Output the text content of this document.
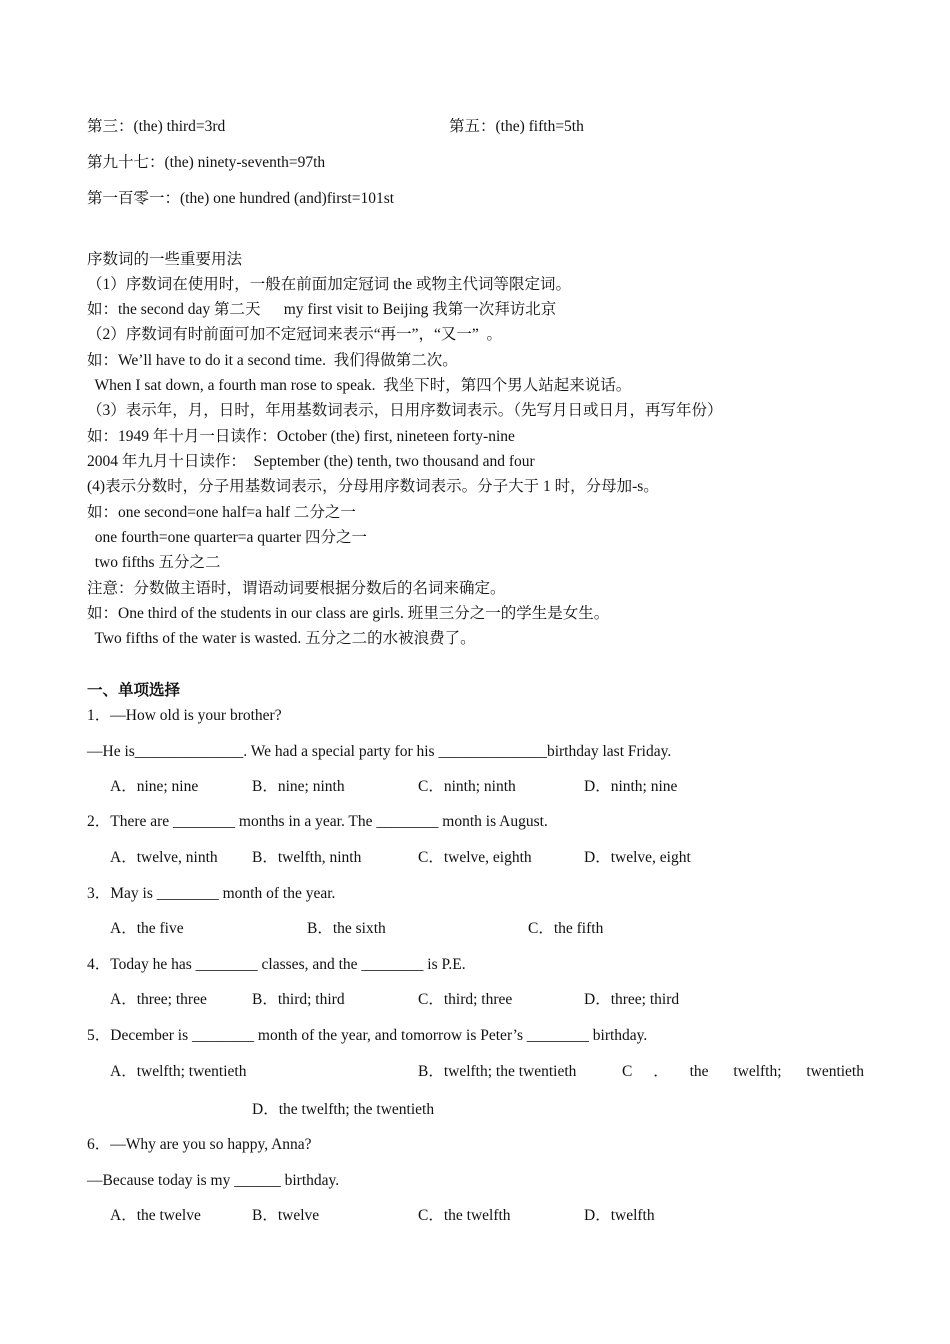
第三：(the) third=3rd	第五：(the) fifth=5th
第九十七：(the) ninety-seventh=97th
第一百零一：(the) one hundred (and)first=101st
序数词的一些重要用法
（1）序数词在使用时，一般在前面加定冠词 the 或物主代词等限定词。
如：the second day 第二天      my first visit to Beijing 我第一次拜访北京
（2）序数词有时前面可加不定冠词来表示“再一”，“又一”  。
如：We’ll have to do it a second time.  我们得做第二次。
When I sat down, a fourth man rose to speak.  我坐下时，第四个男人站起来说话。
（3）表示年，月，日时，年用基数词表示，日用序数词表示。（先写月日或日月，再写年份）
如：1949 年十月一日读作：October (the) first, nineteen forty-nine
2004 年九月十日读作：  September (the) tenth, two thousand and four
(4)表示分数时，分子用基数词表示，分母用序数词表示。分子大于 1 时，分母加-s。
如：one second=one half=a half 二分之一
one fourth=one quarter=a quarter 四分之一
two fifths 五分之二
注意：分数做主语时，谓语动词要根据分数后的名词来确定。
如：One third of the students in our class are girls. 班里三分之一的学生是女生。
Two fifths of the water is wasted. 五分之二的水被浪费了。
一、单项选择
1．—How old is your brother?
—He is______________. We had a special party for his ______________birthday last Friday.
A．nine; nine	B．nine; ninth	C．ninth; ninth	D．ninth; nine
2．There are ________ months in a year. The ________ month is August.
A．twelve, ninth B．twelfth, ninth	C．twelve, eighth	D．twelve, eight
3．May is ________ month of the year.
A．the five	B．the sixth	C．the fifth
4．Today he has ________ classes, and the ________ is P.E.
A．three; three	B．third; third	C．third; three	D．three; third
5．December is ________ month of the year, and tomorrow is Peter’s ________ birthday.
A．twelfth; twentieth	B．twelfth; the twentieth	C．the twelfth; twentieth
D．the twelfth; the twentieth
6．—Why are you so happy, Anna?
—Because today is my ______ birthday.
A．the twelve	B．twelve	C．the twelfth	D．twelfth
